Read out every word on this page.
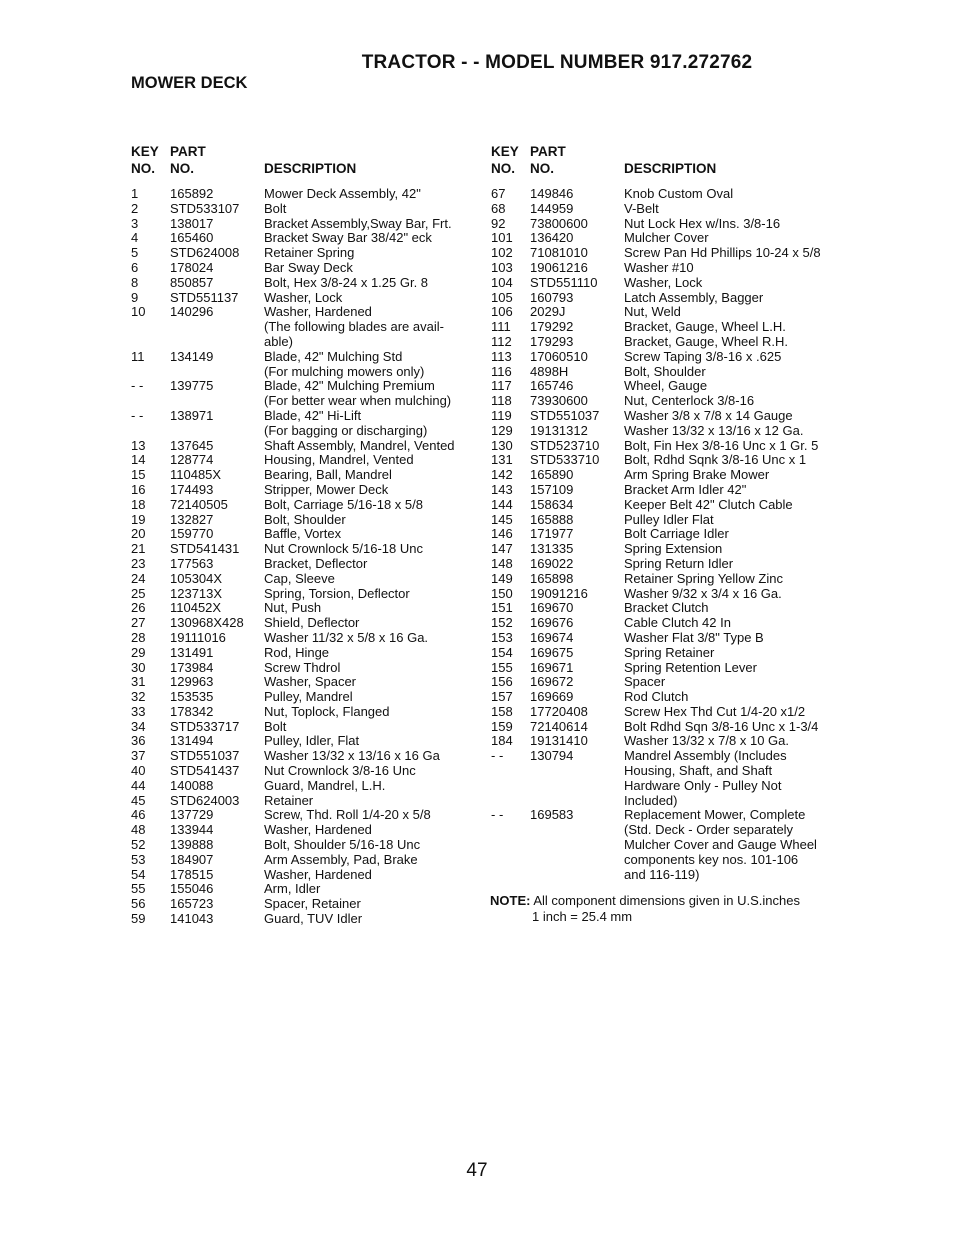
TRACTOR - - MODEL NUMBER 917.272762
MOWER DECK
KEY
NO.
PART
NO.	DESCRIPTION
KEY
NO.
PART
NO.	DESCRIPTION
1 165892	Mower Deck Assembly, 42"
2 STD533107 Bolt
3 138017	Bracket Assembly,Sway Bar, Frt.
4 165460	Bracket Sway Bar 38/42" eck
5 STD624008 Retainer Spring
6 178024	Bar Sway Deck
8 850857	Bolt, Hex 3/8-24 x 1.25 Gr. 8
9 STD551137 Washer, Lock
10 140296	Washer, Hardened
(The following blades are avail-
able)
11 134149	Blade, 42" Mulching Std
(For mulching mowers only)
- - 139775	Blade, 42" Mulching Premium
(For better wear when mulching)
- - 138971	Blade, 42" Hi-Lift
(For bagging or discharging)
13 137645	Shaft Assembly, Mandrel, Vented
14 128774	Housing, Mandrel, Vented
15 110485X	Bearing, Ball, Mandrel
16 174493	Stripper, Mower Deck
18 72140505	Bolt, Carriage 5/16-18 x 5/8
19 132827	Bolt, Shoulder
20 159770	Baffle, Vortex
21 STD541431 Nut Crownlock 5/16-18 Unc
23 177563	Bracket, Deflector
24 105304X	Cap, Sleeve
25 123713X	Spring, Torsion, Deflector
26 110452X	Nut, Push
27 130968X428 Shield, Deflector
28 19111016	Washer 11/32 x 5/8 x 16 Ga.
29 131491	Rod, Hinge
30 173984	Screw Thdrol
31 129963	Washer, Spacer
32 153535	Pulley, Mandrel
33 178342	Nut, Toplock, Flanged
34 STD533717 Bolt
36 131494	Pulley, Idler, Flat
37 STD551037 Washer 13/32 x 13/16 x 16 Ga
40 STD541437 Nut Crownlock 3/8-16 Unc
44 140088	Guard, Mandrel, L.H.
45 STD624003 Retainer
46 137729	Screw, Thd. Roll 1/4-20 x 5/8
48 133944	Washer, Hardened
52 139888	Bolt, Shoulder 5/16-18 Unc
53 184907	Arm Assembly, Pad, Brake
54 178515	Washer, Hardened
55 155046	Arm, Idler
56 165723	Spacer, Retainer
59 141043	Guard, TUV Idler
67 149846	Knob Custom Oval
68 144959	V-Belt
92 73800600	Nut Lock Hex w/Ins. 3/8-16
101 136420	Mulcher Cover
102 71081010	Screw Pan Hd Phillips 10-24 x 5/8
103 19061216	Washer #10
104 STD551110 Washer, Lock
105 160793	Latch Assembly, Bagger
106 2029J	Nut, Weld
111 179292	Bracket, Gauge, Wheel L.H.
112 179293	Bracket, Gauge, Wheel R.H.
113 17060510	Screw Taping 3/8-16 x .625
116 4898H	Bolt, Shoulder
117 165746	Wheel, Gauge
118 73930600	Nut, Centerlock 3/8-16
119 STD551037 Washer 3/8 x 7/8 x 14 Gauge
129 19131312	Washer 13/32 x 13/16 x 12 Ga.
130 STD523710 Bolt, Fin Hex 3/8-16 Unc x 1 Gr. 5
131 STD533710 Bolt, Rdhd Sqnk 3/8-16 Unc x 1
142 165890	Arm Spring Brake Mower
143 157109	Bracket Arm Idler 42"
144 158634	Keeper Belt 42" Clutch Cable
145 165888	Pulley Idler Flat
146 171977	Bolt Carriage Idler
147 131335	Spring Extension
148 169022	Spring Return Idler
149 165898	Retainer Spring Yellow Zinc
150 19091216	Washer 9/32 x 3/4 x 16 Ga.
151 169670	Bracket Clutch
152 169676	Cable Clutch 42 In
153 169674	Washer Flat 3/8" Type B
154 169675	Spring Retainer
155 169671	Spring Retention Lever
156 169672	Spacer
157 169669	Rod Clutch
158 17720408	Screw Hex Thd Cut 1/4-20 x1/2
159 72140614	Bolt Rdhd Sqn 3/8-16 Unc x 1-3/4
184 19131410	Washer 13/32 x 7/8 x 10 Ga.
- - 130794	Mandrel Assembly (Includes
Housing, Shaft, and Shaft
Hardware Only - Pulley Not
Included)
- - 169583	Replacement Mower, Complete
(Std. Deck - Order separately
Mulcher Cover and Gauge Wheel
components key nos. 101-106
and 116-119)
NOTE: All component dimensions given in U.S.inches
1 inch = 25.4 mm
47
